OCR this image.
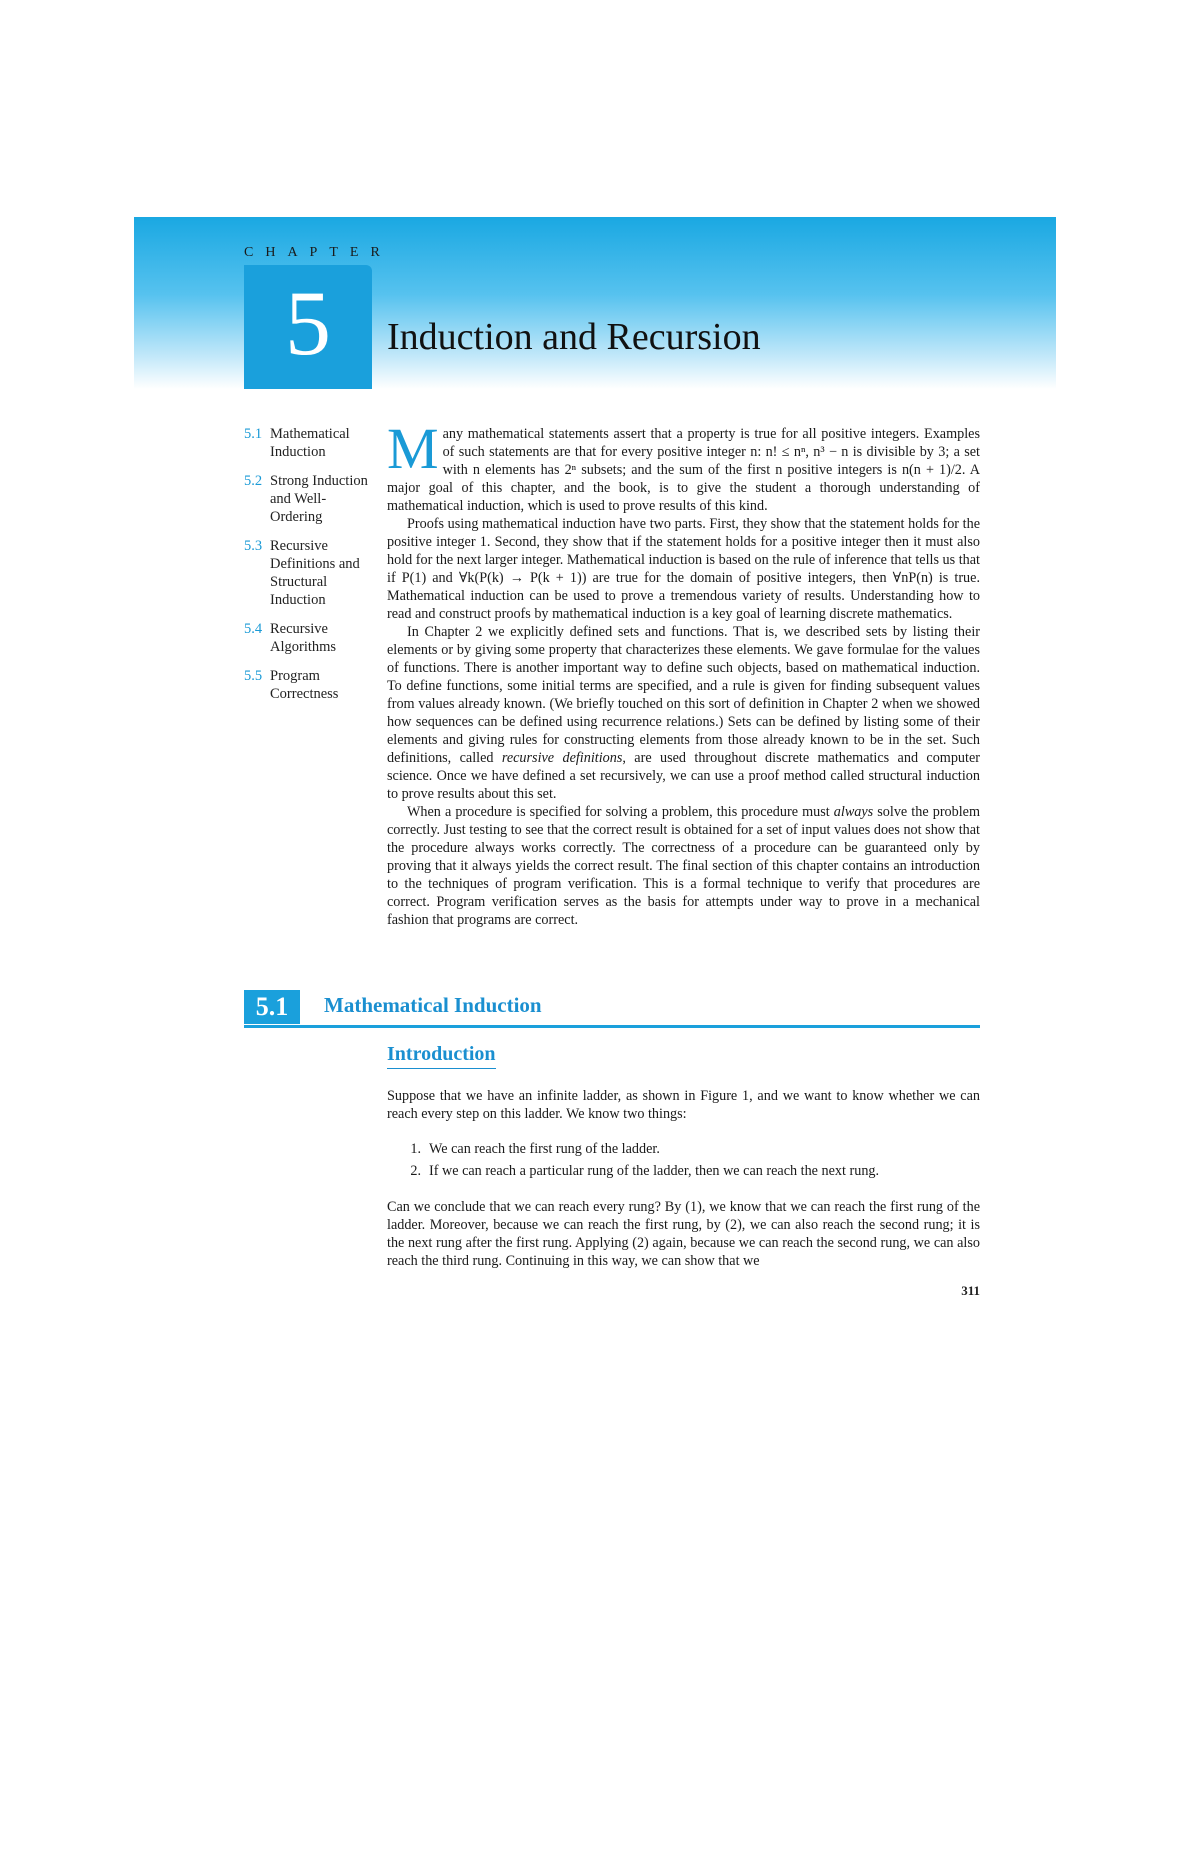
CHAPTER
5	Induction and Recursion
5.1 Mathematical Induction
5.2 Strong Induction and Well-Ordering
5.3 Recursive Definitions and Structural Induction
5.4 Recursive Algorithms
5.5 Program Correctness

Many mathematical statements assert that a property is true for all positive integers. Examples of such statements are that for every positive integer n: n! ≤ nⁿ, n³ − n is divisible by 3; a set with n elements has 2ⁿ subsets; and the sum of the first n positive integers is n(n + 1)/2. A major goal of this chapter, and the book, is to give the student a thorough understanding of mathematical induction, which is used to prove results of this kind.

Proofs using mathematical induction have two parts. First, they show that the statement holds for the positive integer 1. Second, they show that if the statement holds for a positive integer then it must also hold for the next larger integer. Mathematical induction is based on the rule of inference that tells us that if P(1) and ∀k(P(k) → P(k + 1)) are true for the domain of positive integers, then ∀nP(n) is true. Mathematical induction can be used to prove a tremendous variety of results. Understanding how to read and construct proofs by mathematical induction is a key goal of learning discrete mathematics.

In Chapter 2 we explicitly defined sets and functions. That is, we described sets by listing their elements or by giving some property that characterizes these elements. We gave formulae for the values of functions. There is another important way to define such objects, based on mathematical induction. To define functions, some initial terms are specified, and a rule is given for finding subsequent values from values already known. (We briefly touched on this sort of definition in Chapter 2 when we showed how sequences can be defined using recurrence relations.) Sets can be defined by listing some of their elements and giving rules for constructing elements from those already known to be in the set. Such definitions, called recursive definitions, are used throughout discrete mathematics and computer science. Once we have defined a set recursively, we can use a proof method called structural induction to prove results about this set.

When a procedure is specified for solving a problem, this procedure must always solve the problem correctly. Just testing to see that the correct result is obtained for a set of input values does not show that the procedure always works correctly. The correctness of a procedure can be guaranteed only by proving that it always yields the correct result. The final section of this chapter contains an introduction to the techniques of program verification. This is a formal technique to verify that procedures are correct. Program verification serves as the basis for attempts under way to prove in a mechanical fashion that programs are correct.

5.1	Mathematical Induction
Introduction

Suppose that we have an infinite ladder, as shown in Figure 1, and we want to know whether we can reach every step on this ladder. We know two things:

1. We can reach the first rung of the ladder.
2. If we can reach a particular rung of the ladder, then we can reach the next rung.

Can we conclude that we can reach every rung? By (1), we know that we can reach the first rung of the ladder. Moreover, because we can reach the first rung, by (2), we can also reach the second rung; it is the next rung after the first rung. Applying (2) again, because we can reach the second rung, we can also reach the third rung. Continuing in this way, we can show that we

311
